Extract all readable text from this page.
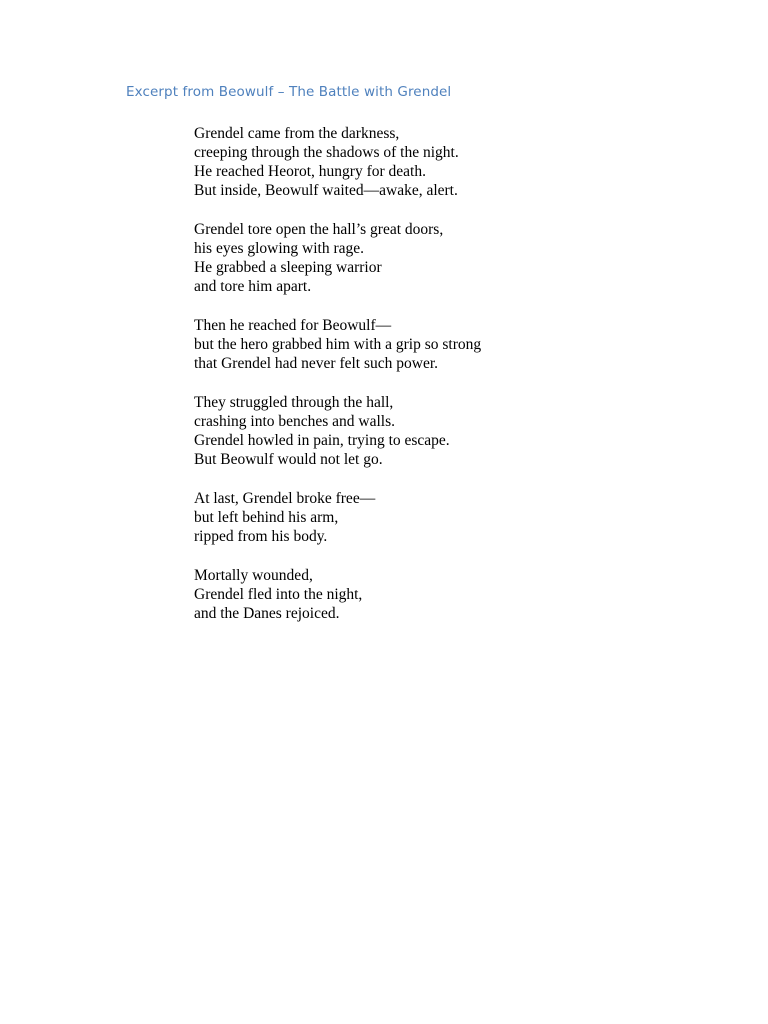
Excerpt from Beowulf – The Battle with Grendel
Grendel came from the darkness,
creeping through the shadows of the night.
He reached Heorot, hungry for death.
But inside, Beowulf waited—awake, alert.
Grendel tore open the hall’s great doors,
his eyes glowing with rage.
He grabbed a sleeping warrior
and tore him apart.
Then he reached for Beowulf—
but the hero grabbed him with a grip so strong
that Grendel had never felt such power.
They struggled through the hall,
crashing into benches and walls.
Grendel howled in pain, trying to escape.
But Beowulf would not let go.
At last, Grendel broke free—
but left behind his arm,
ripped from his body.
Mortally wounded,
Grendel fled into the night,
and the Danes rejoiced.
